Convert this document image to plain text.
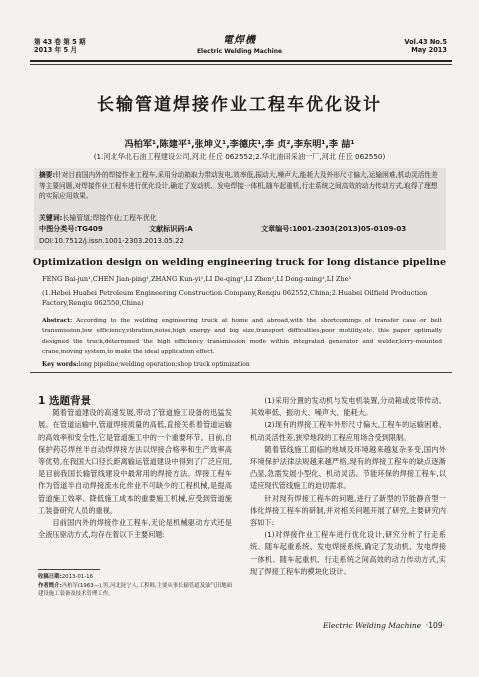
第 43 卷 第 5 期
2013 年 5 月
電焊機
Electric Welding Machine
Vol.43 No.5
May 2013
长输管道焊接作业工程车优化设计
冯柏军¹,陈建平¹,张坤义¹,李德庆¹,李 贞²,李东明¹,李 喆¹
(1.河北华北石油工程建设公司,河北 任丘 062552;2.华北油田采油一厂,河北 任丘 062550)
摘要:针对目前国内外的焊接作业工程车,采用分动箱取力带动发电,效率低,振动大,噪声大,能耗大及外形尺寸偏大,运输困难,机动灵活性差等主要问题,对焊接作业工程车进行优化设计,确定了发动机、发电焊接一体机,随车起重机,行走系统之间高效的动力传动方式,取得了理想的实际应用效果。
关键词:长输管道;焊接作业;工程车优化
中图分类号:TG409	文献标识码:A	文章编号:1001-2303(2013)05-0109-03
DOI:10.7512/j.issn.1001-2303.2013.05.22
Optimization design on welding engineering truck for long distance pipeline
FENG Bai-jun¹,CHEN Jian-ping¹,ZHANG Kun-yi¹,LI De-qing¹,LI Zhen²,LI Dong-ming¹,LI Zhe¹
(1.Hebei Huabei Petroleum Engineering Construction Company,Renqiu 062552,China;2.Huabei Oilfield Production Factory,Renqiu 062550,China)
Abstract: According to the welding engineering truck at home and abroad,with the shortcomings of transfer case or belt transmission,low efficiency,vibration,noise,high energy and big size,transport difficulties,poor motility,etc. this paper optimally designed the truck,determined the high efficiency transmission mode within integrated generator and welder,lorry-mounted crane,moving system,to make the ideal application effect.
Key words:long pipeline;welding operation;shop truck optimization
1 选题背景

随着管道建设的高速发展,带动了管道施工设备的迅猛发展。在管道运输中,管道焊接质量的高低,直接关系着管道运输的高效率和安全性,它是管道施工中的一个重要环节。目前,自保护药芯焊丝半自动焊焊接方法以焊接合格率和生产效率高等优势,在我国大口径长距离输运管道建设中得到了广泛应用,是目前我国长输管线建设中最常用的焊接方法。焊接工程车作为管道半自动焊接流水化作业不可缺少的工程机械,是提高管道施工效率、降低施工成本的重要施工机械,应受到管道施工装备研究人员的重视。

目前国内外的焊接作业工程车,无论是机械驱动方式还是全液压驱动方式,均存在着以下主要问题:

收稿日期:2013-01-16
作者简介:冯柏军(1963—),男,河北抚宁人,工程师,主要从事长输管道及油气田地面建设施工装备及技术管理工作。

(1)采用分置的发动机与发电机装置,分动箱或皮带传动。其效率低、振动大、噪声大、能耗大。

(2)现有的焊接工程车外形尺寸偏大,工程车的运输困难、机动灵活性差,狭窄地段的工程应用场合受到限制。

随着管线施工面临的地域及环境越来越复杂多变,国内外环境保护法律法规越来越严格,现有的焊接工程车的缺点逐渐凸显,急需发展小型化、机动灵活、节能环保的焊接工程车,以适应现代管线施工的迫切需求。

针对现有焊接工程车的问题,进行了新型的节能静音型一体化焊接工程车的研制,并对相关问题开展了研究,主要研究内容如下:

(1)对焊接作业工程车进行优化设计,研究分析了行走系统、随车起重系统、发电焊接系统,确定了发动机、发电焊接一体机、随车起重机、行走系统之间高效的动力传动方式,实现了焊接工程车的模块化设计。

Electric Welding Machine ·109·
